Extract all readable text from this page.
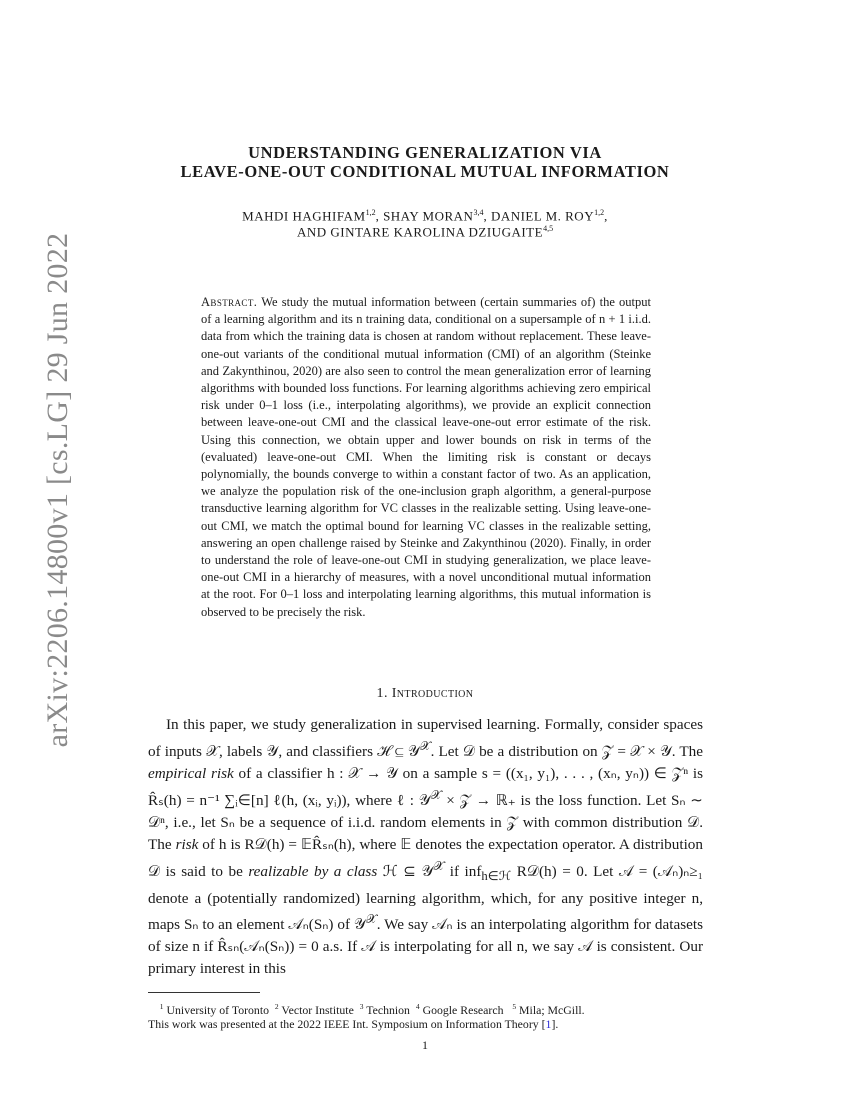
arXiv:2206.14800v1 [cs.LG] 29 Jun 2022
UNDERSTANDING GENERALIZATION VIA
LEAVE-ONE-OUT CONDITIONAL MUTUAL INFORMATION
MAHDI HAGHIFAM$^{1,2}$, SHAY MORAN$^{3,4}$, DANIEL M. ROY$^{1,2}$,
AND GINTARE KAROLINA DZIUGAITE$^{4,5}$
Abstract. We study the mutual information between (certain summaries of) the output of a learning algorithm and its n training data, conditional on a supersample of n + 1 i.i.d. data from which the training data is chosen at random without replacement. These leave-one-out variants of the conditional mutual information (CMI) of an algorithm (Steinke and Zakynthinou, 2020) are also seen to control the mean generalization error of learning algorithms with bounded loss functions. For learning algorithms achieving zero empirical risk under 0–1 loss (i.e., interpolating algorithms), we provide an explicit connection between leave-one-out CMI and the classical leave-one-out error estimate of the risk. Using this connection, we obtain upper and lower bounds on risk in terms of the (evaluated) leave-one-out CMI. When the limiting risk is constant or decays polynomially, the bounds converge to within a constant factor of two. As an application, we analyze the population risk of the one-inclusion graph algorithm, a general-purpose transductive learning algorithm for VC classes in the realizable setting. Using leave-one-out CMI, we match the optimal bound for learning VC classes in the realizable setting, answering an open challenge raised by Steinke and Zakynthinou (2020). Finally, in order to understand the role of leave-one-out CMI in studying generalization, we place leave-one-out CMI in a hierarchy of measures, with a novel unconditional mutual information at the root. For 0–1 loss and interpolating learning algorithms, this mutual information is observed to be precisely the risk.
1. Introduction
In this paper, we study generalization in supervised learning. Formally, consider spaces of inputs 𝒳, labels 𝒴, and classifiers ℋ ⊆ 𝒴$^𝒳$. Let 𝒟 be a distribution on 𝒵 = 𝒳 × 𝒴. The empirical risk of a classifier h : 𝒳 → 𝒴 on a sample s = ((x₁, y₁), . . . , (xₙ, yₙ)) ∈ 𝒵ⁿ is R̂ₛ(h) = n⁻¹ ∑ᵢ∈[n] ℓ(h, (xᵢ, yᵢ)), where ℓ : 𝒴$^𝒳$ × 𝒵 → ℝ₊ is the loss function. Let Sₙ ∼ 𝒟ⁿ, i.e., let Sₙ be a sequence of i.i.d. random elements in 𝒵 with common distribution 𝒟. The risk of h is R𝒟(h) = 𝔼R̂ₛₙ(h), where 𝔼 denotes the expectation operator. A distribution 𝒟 is said to be realizable by a class ℋ ⊆ 𝒴$^𝒳$ if inf$_{h\in ℋ}$ R𝒟(h) = 0. Let 𝒜 = (𝒜ₙ)ₙ≥₁ denote a (potentially randomized) learning algorithm, which, for any positive integer n, maps Sₙ to an element 𝒜ₙ(Sₙ) of 𝒴$^𝒳$. We say 𝒜ₙ is an interpolating algorithm for datasets of size n if R̂ₛₙ(𝒜ₙ(Sₙ)) = 0 a.s. If 𝒜 is interpolating for all n, we say 𝒜 is consistent. Our primary interest in this
$^1$ University of Toronto $^2$ Vector Institute $^3$ Technion $^4$ Google Research $^5$ Mila; McGill.
This work was presented at the 2022 IEEE Int. Symposium on Information Theory [1].
1
